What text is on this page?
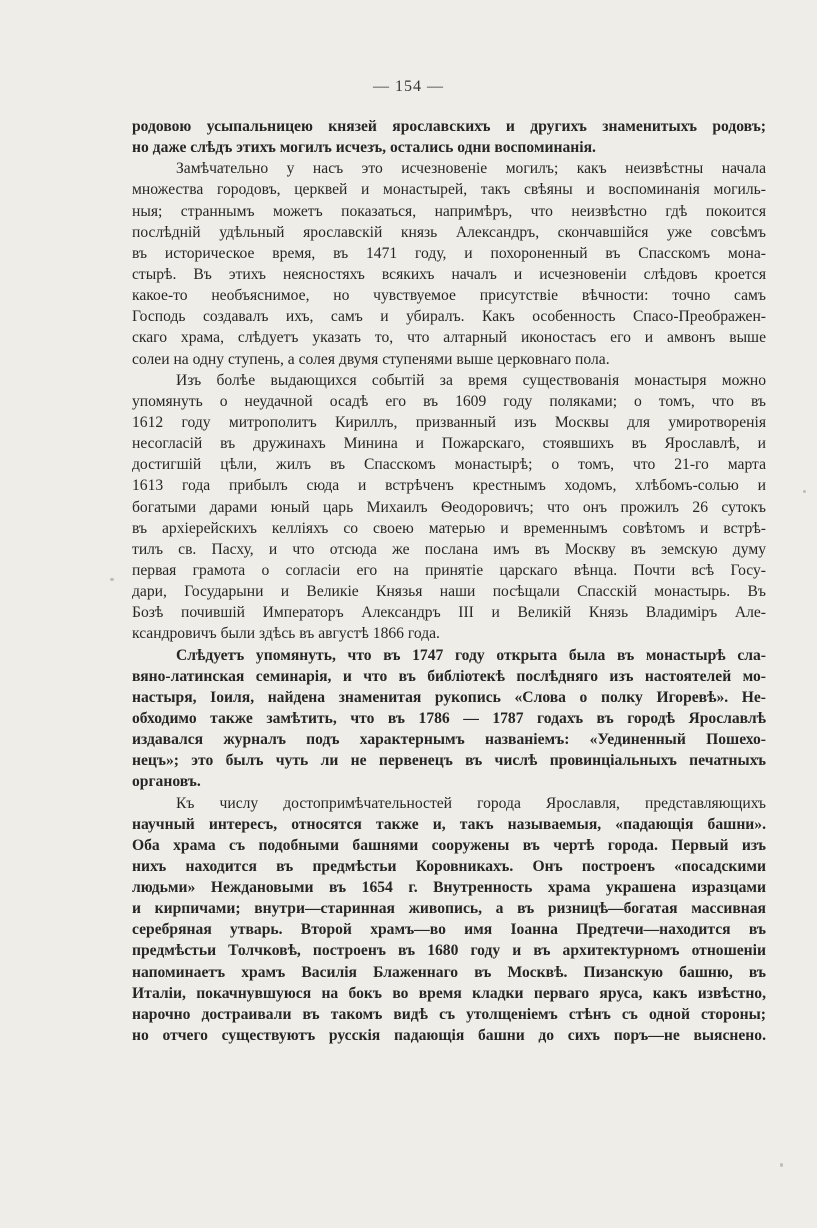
— 154 —
родовою усыпальницею князей ярославскихъ и другихъ знаменитыхъ родовъ;
но даже слѣдъ этихъ могилъ исчезъ, остались одни воспоминанія.
Замѣчательно у насъ это исчезновеніе могилъ; какъ неизвѣстны начала
множества городовъ, церквей и монастырей, такъ свѣяны и воспоминанія могиль-
ныя; страннымъ можетъ показаться, напримѣръ, что неизвѣстно гдѣ покоится
послѣдній удѣльный ярославскій князь Александръ, скончавшійся уже совсѣмъ
въ историческое время, въ 1471 году, и похороненный въ Спасскомъ мона-
стырѣ. Въ этихъ неясностяхъ всякихъ началъ и исчезновеніи слѣдовъ кроется
какое-то необъяснимое, но чувствуемое присутствіе вѣчности: точно самъ
Господь создавалъ ихъ, самъ и убиралъ. Какъ особенность Спасо-Преображен-
скаго храма, слѣдуетъ указать то, что алтарный иконостасъ его и амвонъ выше
солеи на одну ступень, а солея двумя ступенями выше церковнаго пола.
Изъ болѣе выдающихся событій за время существованія монастыря можно
упомянуть о неудачной осадѣ его въ 1609 году поляками; о томъ, что въ
1612 году митрополитъ Кириллъ, призванный изъ Москвы для умиротворенія
несогласій въ дружинахъ Минина и Пожарскаго, стоявшихъ въ Ярославлѣ, и
достигшій цѣли, жилъ въ Спасскомъ монастырѣ; о томъ, что 21-го марта
1613 года прибылъ сюда и встрѣченъ крестнымъ ходомъ, хлѣбомъ-солью и
богатыми дарами юный царь Михаилъ Ѳеодоровичъ; что онъ прожилъ 26 сутокъ
въ архіерейскихъ келліяхъ со своею матерью и временнымъ совѣтомъ и встрѣ-
тилъ св. Пасху, и что отсюда же послана имъ въ Москву въ земскую думу
первая грамота о согласіи его на принятіе царскаго вѣнца. Почти всѣ Госу-
дари, Государыни и Великіе Князья наши посѣщали Спасскій монастырь. Въ
Бозѣ почившій Императоръ Александръ III и Великій Князь Владиміръ Але-
ксандровичъ были здѣсь въ августѣ 1866 года.
Слѣдуетъ упомянуть, что въ 1747 году открыта была въ монастырѣ сла-
вяно-латинская семинарія, и что въ библіотекѣ послѣдняго изъ настоятелей мо-
настыря, Іоиля, найдена знаменитая рукопись «Слова о полку Игоревѣ». Не-
обходимо также замѣтить, что въ 1786 — 1787 годахъ въ городѣ Ярославлѣ
издавался журналъ подъ характернымъ названіемъ: «Уединенный Пошехо-
нецъ»; это былъ чуть ли не первенецъ въ числѣ провинціальныхъ печатныхъ
органовъ.
Къ числу достопримѣчательностей города Ярославля, представляющихъ
научный интересъ, относятся также и, такъ называемыя, «падающія башни».
Оба храма съ подобными башнями сооружены въ чертѣ города. Первый изъ
нихъ находится въ предмѣстьи Коровникахъ. Онъ построенъ «посадскими
людьми» Неждановыми въ 1654 г. Внутренность храма украшена изразцами
и кирпичами; внутри—старинная живопись, а въ ризницѣ—богатая массивная
серебряная утварь. Второй храмъ—во имя Іоанна Предтечи—находится въ
предмѣстьи Толчковѣ, построенъ въ 1680 году и въ архитектурномъ отношеніи
напоминаетъ храмъ Василія Блаженнаго въ Москвѣ. Пизанскую башню, въ
Италіи, покачнувшуюся на бокъ во время кладки перваго яруса, какъ извѣстно,
нарочно достраивали въ такомъ видѣ съ утолщеніемъ стѣнъ съ одной стороны;
но отчего существуютъ русскія падающія башни до сихъ поръ—не выяснено.
